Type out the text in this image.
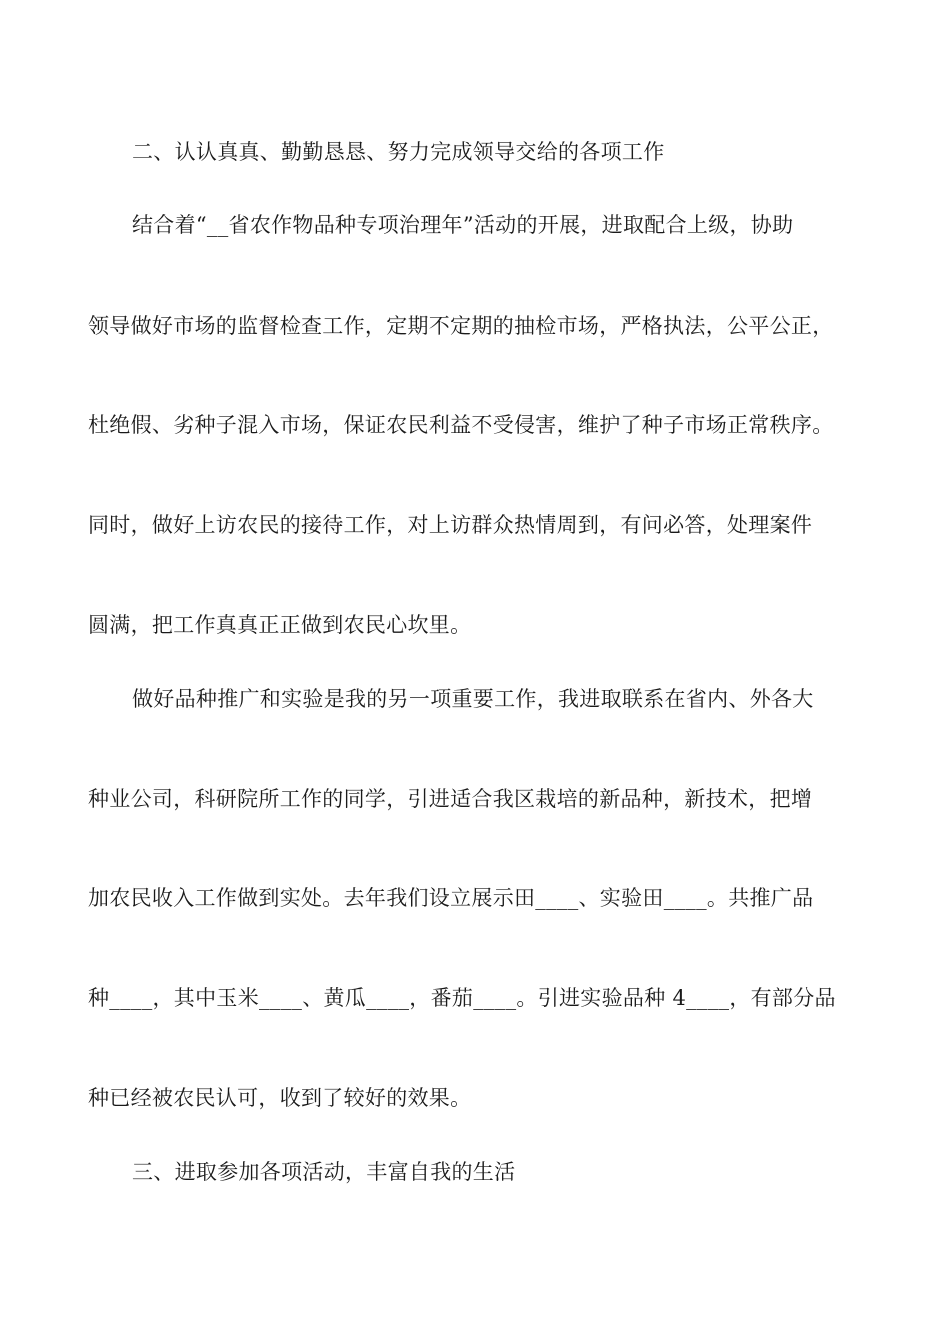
二、认认真真、勤勤恳恳、努力完成领导交给的各项工作
结合着“__省农作物品种专项治理年”活动的开展，进取配合上级，协助
领导做好市场的监督检查工作，定期不定期的抽检市场，严格执法，公平公正，
杜绝假、劣种子混入市场，保证农民利益不受侵害，维护了种子市场正常秩序。
同时，做好上访农民的接待工作，对上访群众热情周到，有问必答，处理案件
圆满，把工作真真正正做到农民心坎里。
做好品种推广和实验是我的另一项重要工作，我进取联系在省内、外各大
种业公司，科研院所工作的同学，引进适合我区栽培的新品种，新技术，把增
加农民收入工作做到实处。去年我们设立展示田____、实验田____。共推广品
种____，其中玉米____、黄瓜____，番茄____。引进实验品种 4____，有部分品
种已经被农民认可，收到了较好的效果。
三、进取参加各项活动，丰富自我的生活
